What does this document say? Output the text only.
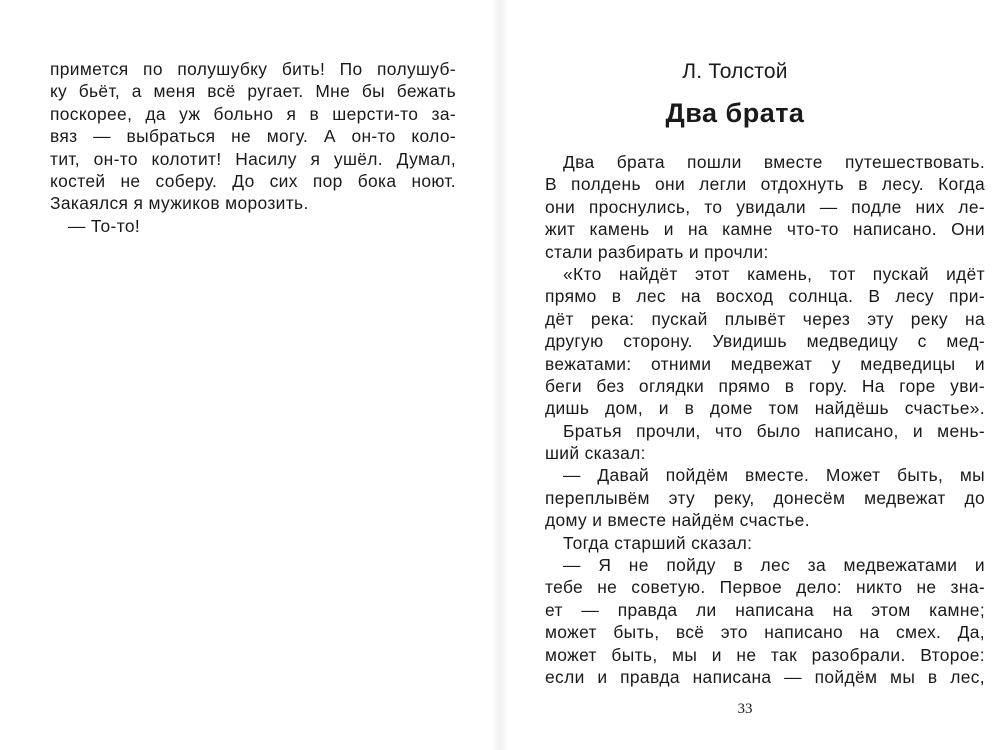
примется по полушубку бить! По полушуб-
кy бьёт, а меня всё ругает. Мне бы бежать
поскорее, да уж больно я в шерсти-то за-
вяз — выбраться не могу. А он-то коло-
тит, он-то колотит! Насилу я ушёл. Думал,
костей не соберу. До сих пор бока ноют.
Закаялся я мужиков морозить.
— То-то!
Л. Толстой
Два брата
Два брата пошли вместе путешествовать.
В полдень они легли отдохнуть в лесу. Когда
они проснулись, то увидали — подле них ле-
жит камень и на камне что-то написано. Они
стали разбирать и прочли:
«Кто найдёт этот камень, тот пускай идёт
прямо в лес на восход солнца. В лесу при-
дёт река: пускай плывёт через эту реку на
другую сторону. Увидишь медведицу с мед-
вежатами: отними медвежат у медведицы и
беги без оглядки прямо в гору. На горе уви-
дишь дом, и в доме том найдёшь счастье».
Братья прочли, что было написано, и мень-
ший сказал:
— Давай пойдём вместе. Может быть, мы
переплывём эту реку, донесём медвежат до
дому и вместе найдём счастье.
Тогда старший сказал:
— Я не пойду в лес за медвежатами и
тебе не советую. Первое дело: никто не зна-
ет — правда ли написана на этом камне;
может быть, всё это написано на смех. Да,
может быть, мы и не так разобрали. Второе:
если и правда написана — пойдём мы в лес,
33
